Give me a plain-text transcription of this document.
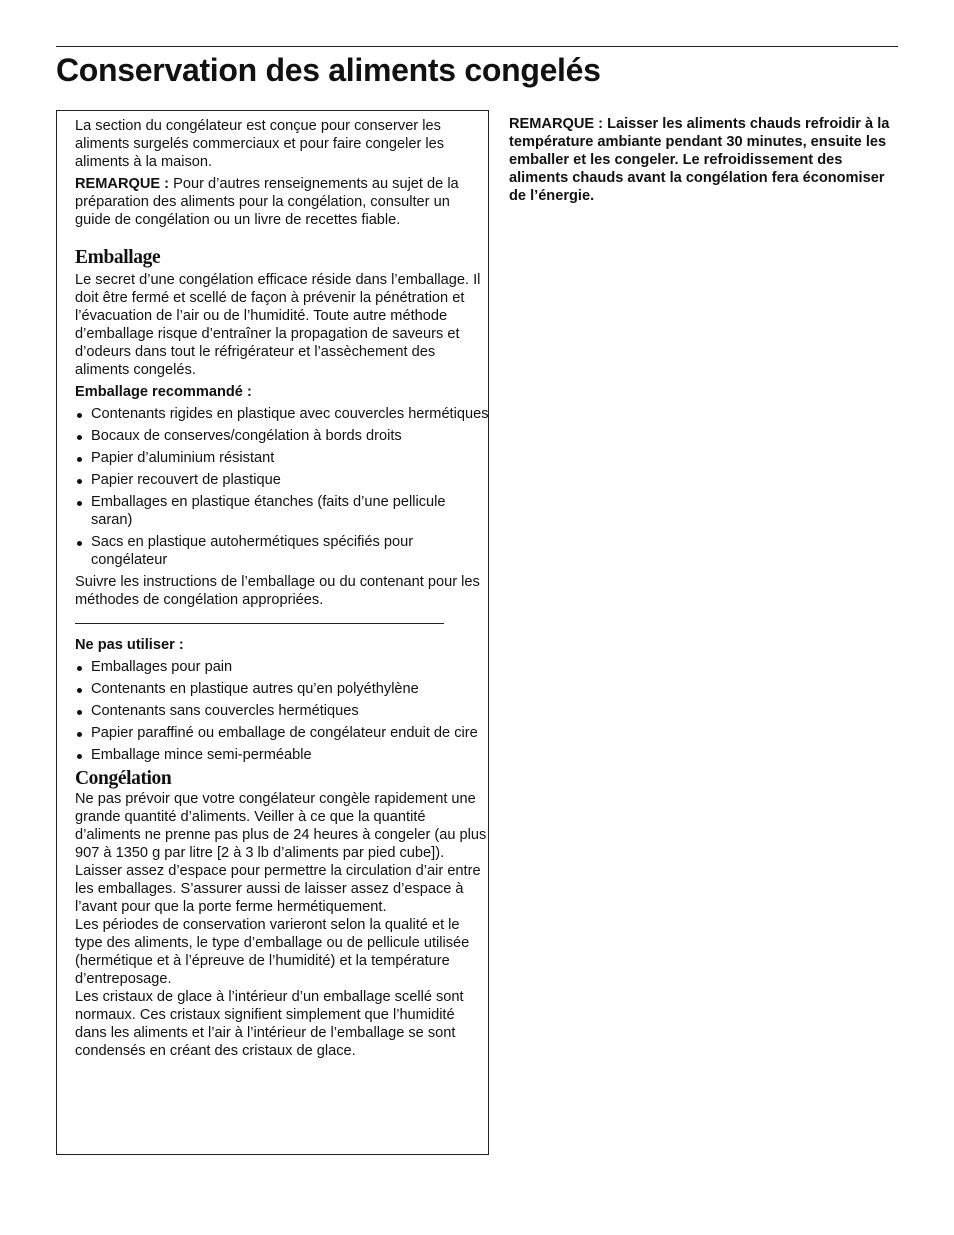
Conservation des aliments congelés

La section du congélateur est conçue pour conserver les aliments surgelés commerciaux et pour faire congeler les aliments à la maison.

REMARQUE : Pour d’autres renseignements au sujet de la préparation des aliments pour la congélation, consulter un guide de congélation ou un livre de recettes fiable.

Emballage

Le secret d’une congélation efficace réside dans l’emballage. Il doit être fermé et scellé de façon à prévenir la pénétration et l’évacuation de l’air ou de l’humidité. Toute autre méthode d’emballage risque d’entraîner la propagation de saveurs et d’odeurs dans tout le réfrigérateur et l’assèchement des aliments congelés.

Emballage recommandé :

Contenants rigides en plastique avec couvercles hermétiques
Bocaux de conserves/congélation à bords droits
Papier d’aluminium résistant
Papier recouvert de plastique
Emballages en plastique étanches (faits d’une pellicule saran)
Sacs en plastique autohermétiques spécifiés pour congélateur

Suivre les instructions de l’emballage ou du contenant pour les méthodes de congélation appropriées.

Ne pas utiliser :

Emballages pour pain
Contenants en plastique autres qu’en polyéthylène
Contenants sans couvercles hermétiques
Papier paraffiné ou emballage de congélateur enduit de cire
Emballage mince semi-perméable
Congélation

Ne pas prévoir que votre congélateur congèle rapidement une grande quantité d’aliments. Veiller à ce que la quantité d’aliments ne prenne pas plus de 24 heures à congeler (au plus 907 à 1350 g par litre [2 à 3 lb d’aliments par pied cube]). Laisser assez d’espace pour permettre la circulation d’air entre les emballages. S’assurer aussi de laisser assez d’espace à l’avant pour que la porte ferme hermétiquement.

Les périodes de conservation varieront selon la qualité et le type des aliments, le type d’emballage ou de pellicule utilisée (hermétique et à l’épreuve de l’humidité) et la température d’entreposage.

Les cristaux de glace à l’intérieur d’un emballage scellé sont normaux. Ces cristaux signifient simplement que l’humidité dans les aliments et l’air à l’intérieur de l’emballage se sont condensés en créant des cristaux de glace.

REMARQUE : Laisser les aliments chauds refroidir à la température ambiante pendant 30 minutes, ensuite les emballer et les congeler. Le refroidissement des aliments chauds avant la congélation fera économiser de l’énergie.
